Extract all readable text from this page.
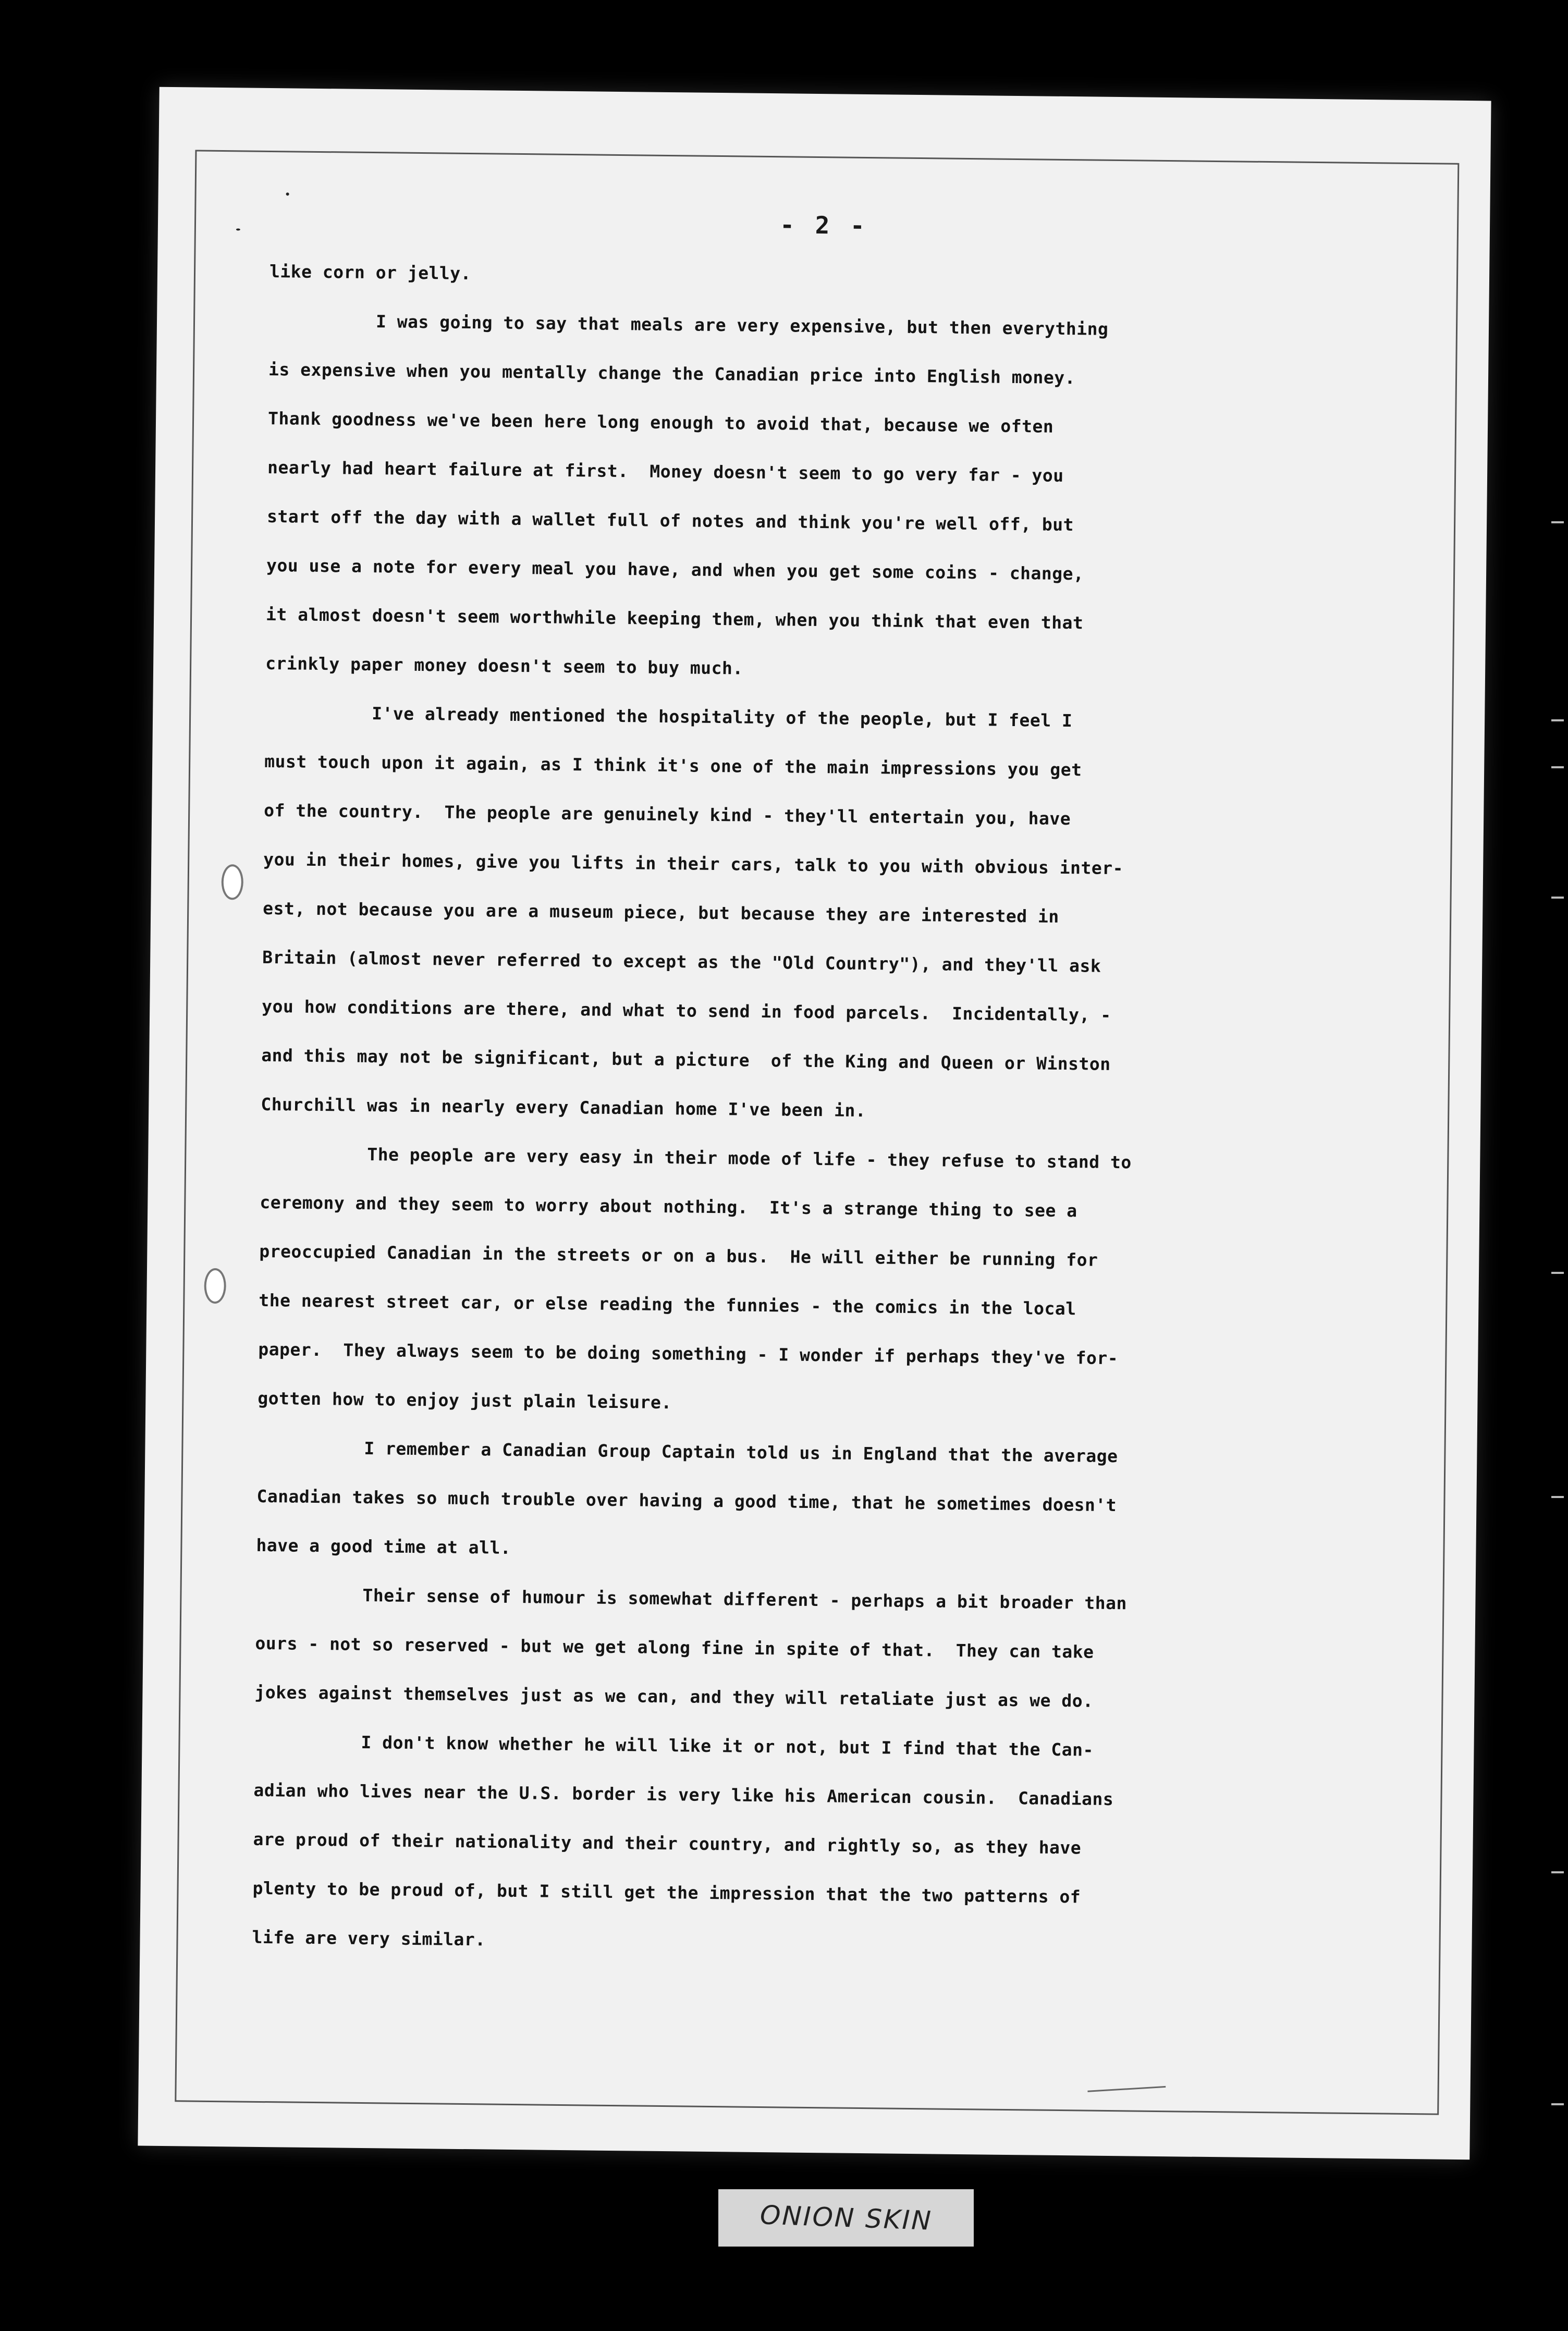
- 2 -
like corn or jelly.
I was going to say that meals are very expensive, but then everything
is expensive when you mentally change the Canadian price into English money.
Thank goodness we've been here long enough to avoid that, because we often
nearly had heart failure at first.  Money doesn't seem to go very far - you
start off the day with a wallet full of notes and think you're well off, but
you use a note for every meal you have, and when you get some coins - change,
it almost doesn't seem worthwhile keeping them, when you think that even that
crinkly paper money doesn't seem to buy much.
I've already mentioned the hospitality of the people, but I feel I
must touch upon it again, as I think it's one of the main impressions you get
of the country.  The people are genuinely kind - they'll entertain you, have
you in their homes, give you lifts in their cars, talk to you with obvious inter-
est, not because you are a museum piece, but because they are interested in
Britain (almost never referred to except as the "Old Country"), and they'll ask
you how conditions are there, and what to send in food parcels.  Incidentally, -
and this may not be significant, but a picture  of the King and Queen or Winston
Churchill was in nearly every Canadian home I've been in.
The people are very easy in their mode of life - they refuse to stand to
ceremony and they seem to worry about nothing.  It's a strange thing to see a
preoccupied Canadian in the streets or on a bus.  He will either be running for
the nearest street car, or else reading the funnies - the comics in the local
paper.  They always seem to be doing something - I wonder if perhaps they've for-
gotten how to enjoy just plain leisure.
I remember a Canadian Group Captain told us in England that the average
Canadian takes so much trouble over having a good time, that he sometimes doesn't
have a good time at all.
Their sense of humour is somewhat different - perhaps a bit broader than
ours - not so reserved - but we get along fine in spite of that.  They can take
jokes against themselves just as we can, and they will retaliate just as we do.
I don't know whether he will like it or not, but I find that the Can-
adian who lives near the U.S. border is very like his American cousin.  Canadians
are proud of their nationality and their country, and rightly so, as they have
plenty to be proud of, but I still get the impression that the two patterns of
life are very similar.
ONION SKIN
